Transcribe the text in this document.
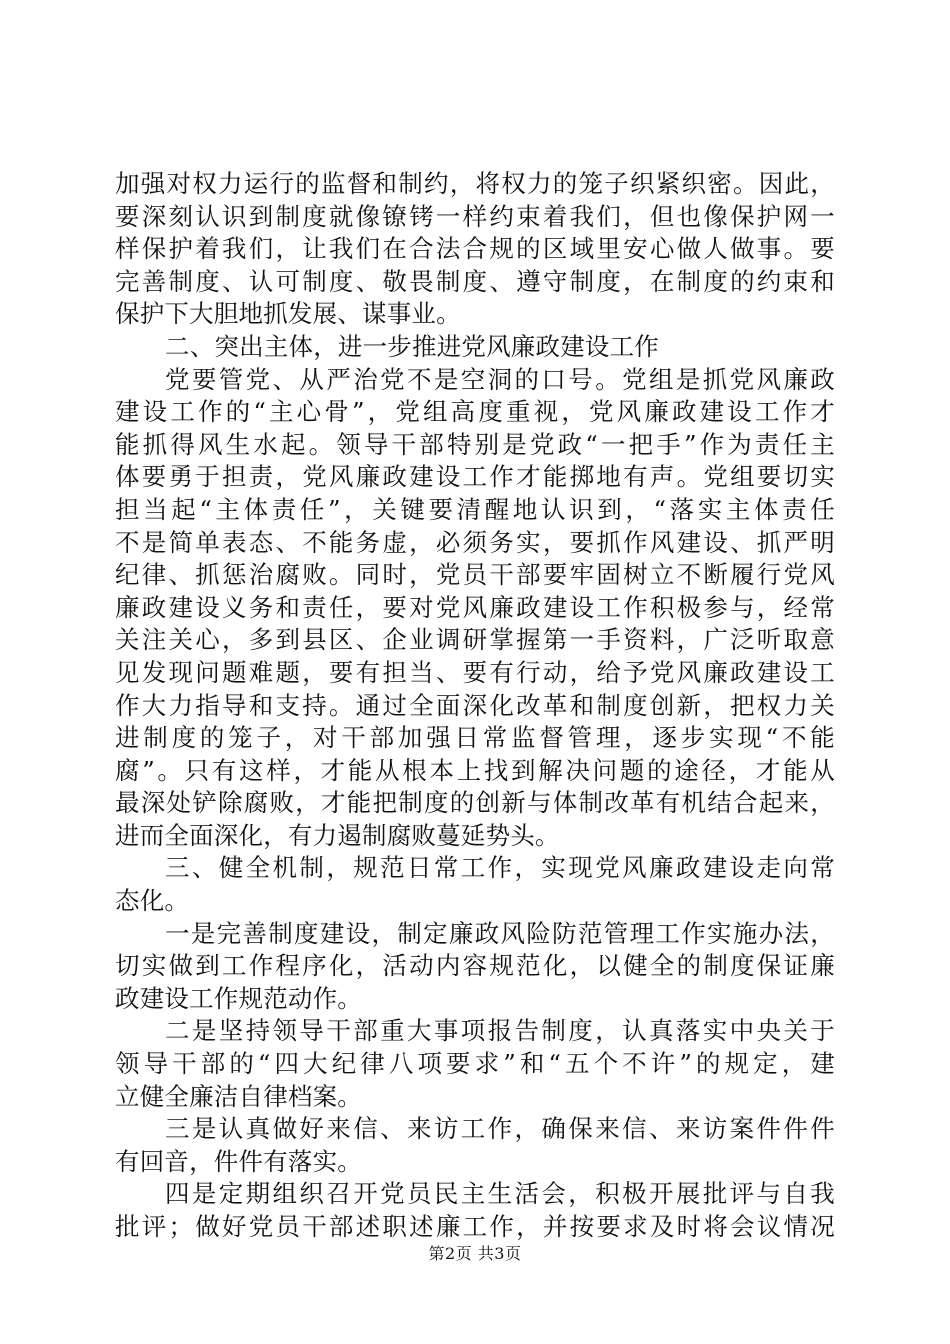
加强对权力运行的监督和制约，将权力的笼子织紧织密。因此，
要深刻认识到制度就像镣铐一样约束着我们，但也像保护网一
样保护着我们，让我们在合法合规的区域里安心做人做事。要
完善制度、认可制度、敬畏制度、遵守制度，在制度的约束和
保护下大胆地抓发展、谋事业。
二、突出主体，进一步推进党风廉政建设工作
党要管党、从严治党不是空洞的口号。党组是抓党风廉政
建设工作的“主心骨”，党组高度重视，党风廉政建设工作才
能抓得风生水起。领导干部特别是党政“一把手”作为责任主
体要勇于担责，党风廉政建设工作才能掷地有声。党组要切实
担当起“主体责任”，关键要清醒地认识到，“落实主体责任
不是简单表态、不能务虚，必须务实，要抓作风建设、抓严明
纪律、抓惩治腐败。同时，党员干部要牢固树立不断履行党风
廉政建设义务和责任，要对党风廉政建设工作积极参与，经常
关注关心，多到县区、企业调研掌握第一手资料，广泛听取意
见发现问题难题，要有担当、要有行动，给予党风廉政建设工
作大力指导和支持。通过全面深化改革和制度创新，把权力关
进制度的笼子，对干部加强日常监督管理，逐步实现“不能
腐”。只有这样，才能从根本上找到解决问题的途径，才能从
最深处铲除腐败，才能把制度的创新与体制改革有机结合起来，
进而全面深化，有力遏制腐败蔓延势头。
三、健全机制，规范日常工作，实现党风廉政建设走向常
态化。
一是完善制度建设，制定廉政风险防范管理工作实施办法，
切实做到工作程序化，活动内容规范化，以健全的制度保证廉
政建设工作规范动作。
二是坚持领导干部重大事项报告制度，认真落实中央关于
领导干部的“四大纪律八项要求”和“五个不许”的规定，建
立健全廉洁自律档案。
三是认真做好来信、来访工作，确保来信、来访案件件件
有回音，件件有落实。
四是定期组织召开党员民主生活会，积极开展批评与自我
批评；做好党员干部述职述廉工作，并按要求及时将会议情况
第2页 共3页
